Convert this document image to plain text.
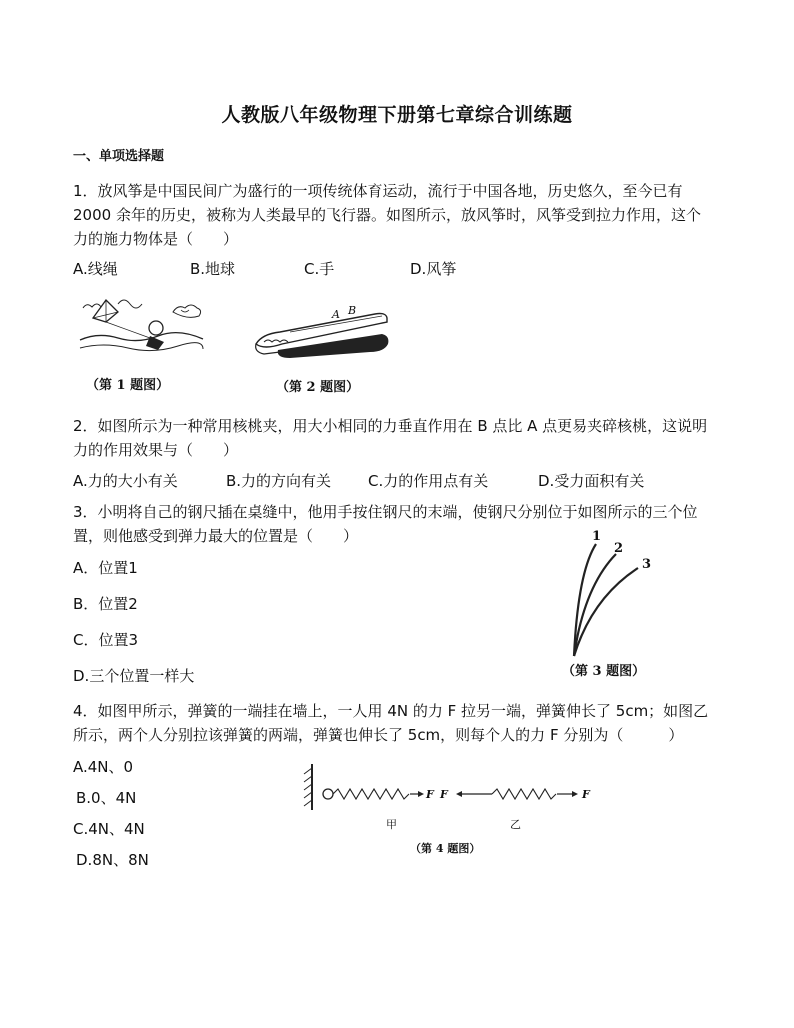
人教版八年级物理下册第七章综合训练题
一、单项选择题
1．放风筝是中国民间广为盛行的一项传统体育运动，流行于中国各地，历史悠久，至今已有
2000 余年的历史，被称为人类最早的飞行器。如图所示，放风筝时，风筝受到拉力作用，这个
力的施力物体是（　　）
A.线绳	B.地球	C.手	D.风筝
（第 1 题图）
A B
（第 2 题图）
2．如图所示为一种常用核桃夹，用大小相同的力垂直作用在 B 点比 A 点更易夹碎核桃，这说明
力的作用效果与（　　）
A.力的大小有关	B.力的方向有关 C.力的作用点有关	D.受力面积有关
3．小明将自己的钢尺插在桌缝中，他用手按住钢尺的末端，使钢尺分别位于如图所示的三个位
置，则他感受到弹力最大的位置是（　　）
A．位置1
B．位置2
C．位置3
D.三个位置一样大
1
2
3
（第 3 题图）
4．如图甲所示，弹簧的一端挂在墙上，一人用 4N 的力 F 拉另一端，弹簧伸长了 5cm；如图乙
所示，两个人分别拉该弹簧的两端，弹簧也伸长了 5cm，则每个人的力 F 分别为（　　　）
A.4N、0
B.0、4N
C.4N、4N
D.8N、8N
F F	F
甲	乙
（第 4 题图）
